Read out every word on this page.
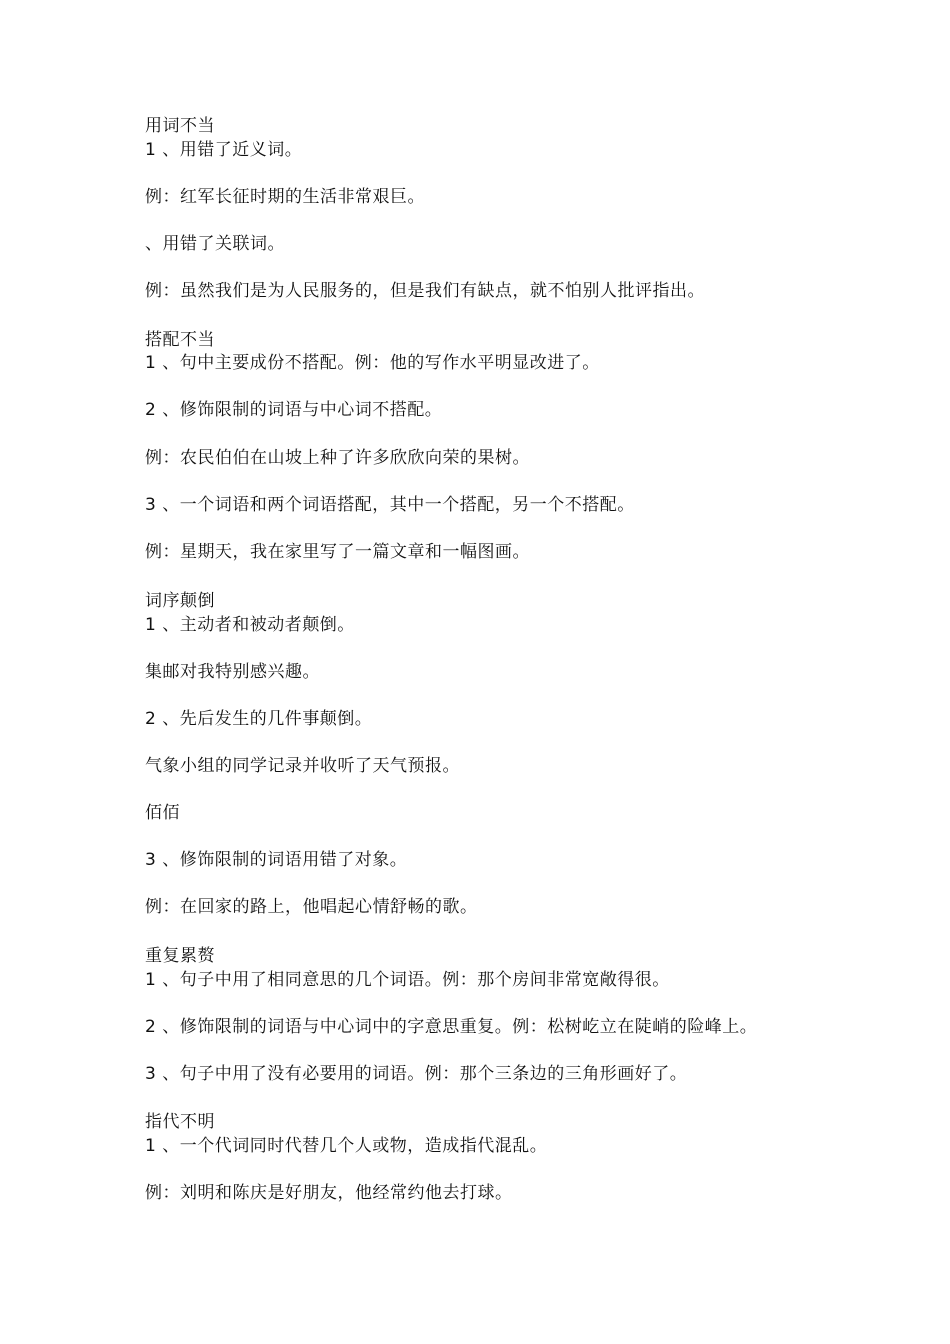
用词不当
1 、用错了近义词。
例：红军长征时期的生活非常艰巨。
、用错了关联词。
例：虽然我们是为人民服务的，但是我们有缺点，就不怕别人批评指出。
搭配不当
1 、句中主要成份不搭配。例：他的写作水平明显改进了。
2 、修饰限制的词语与中心词不搭配。
例：农民伯伯在山坡上种了许多欣欣向荣的果树。
3 、一个词语和两个词语搭配，其中一个搭配，另一个不搭配。
例：星期天，我在家里写了一篇文章和一幅图画。
词序颠倒
1 、主动者和被动者颠倒。
集邮对我特别感兴趣。
2 、先后发生的几件事颠倒。
气象小组的同学记录并收听了天气预报。
佰佰
3 、修饰限制的词语用错了对象。
例：在回家的路上，他唱起心情舒畅的歌。
重复累赘
1 、句子中用了相同意思的几个词语。例：那个房间非常宽敞得很。
2 、修饰限制的词语与中心词中的字意思重复。例：松树屹立在陡峭的险峰上。
3 、句子中用了没有必要用的词语。例：那个三条边的三角形画好了。
指代不明
1 、一个代词同时代替几个人或物，造成指代混乱。
例：刘明和陈庆是好朋友，他经常约他去打球。
